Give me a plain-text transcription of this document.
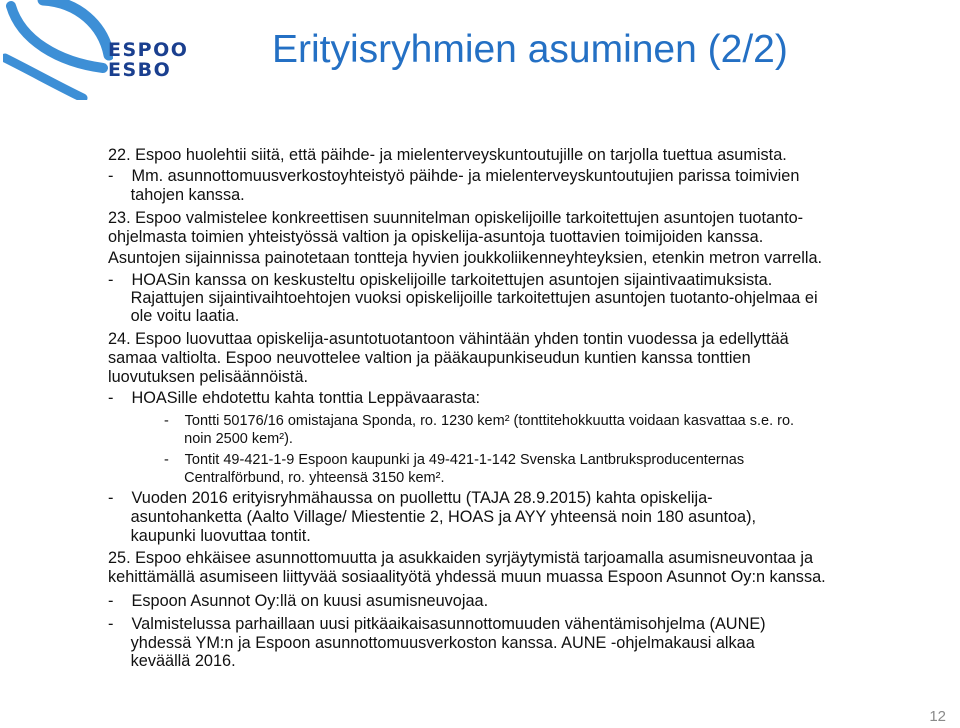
ESPOO
ESBO	Erityisryhmien asuminen (2/2)
22. Espoo huolehtii siitä, että päihde- ja mielenterveyskuntoutujille on tarjolla tuettua asumista.
-    Mm. asunnottomuusverkostoyhteistyö päihde- ja mielenterveyskuntoutujien parissa toimivien
tahojen kanssa.
23. Espoo valmistelee konkreettisen suunnitelman opiskelijoille tarkoitettujen asuntojen tuotanto-
ohjelmasta toimien yhteistyössä valtion ja opiskelija-asuntoja tuottavien toimijoiden kanssa.
Asuntojen sijainnissa painotetaan tontteja hyvien joukkoliikenneyhteyksien, etenkin metron varrella.
-    HOASin kanssa on keskusteltu opiskelijoille tarkoitettujen asuntojen sijaintivaatimuksista.
Rajattujen sijaintivaihtoehtojen vuoksi opiskelijoille tarkoitettujen asuntojen tuotanto-ohjelmaa ei
ole voitu laatia.
24. Espoo luovuttaa opiskelija-asuntotuotantoon vähintään yhden tontin vuodessa ja edellyttää
samaa valtiolta. Espoo neuvottelee valtion ja pääkaupunkiseudun kuntien kanssa tonttien
luovutuksen pelisäännöistä.
-    HOASille ehdotettu kahta tonttia Leppävaarasta:
-    Tontti 50176/16 omistajana Sponda, ro. 1230 kem² (tonttitehokkuutta voidaan kasvattaa s.e. ro.
noin 2500 kem²).
-    Tontit 49-421-1-9 Espoon kaupunki ja 49-421-1-142 Svenska Lantbruksproducenternas
Centralförbund, ro. yhteensä 3150 kem².
-    Vuoden 2016 erityisryhmähaussa on puollettu (TAJA 28.9.2015) kahta opiskelija-
asuntohanketta (Aalto Village/ Miestentie 2, HOAS ja AYY yhteensä noin 180 asuntoa),
kaupunki luovuttaa tontit.
25. Espoo ehkäisee asunnottomuutta ja asukkaiden syrjäytymistä tarjoamalla asumisneuvontaa ja
kehittämällä asumiseen liittyvää sosiaalityötä yhdessä muun muassa Espoon Asunnot Oy:n kanssa.
-    Espoon Asunnot Oy:llä on kuusi asumisneuvojaa.
-    Valmistelussa parhaillaan uusi pitkäaikaisasunnottomuuden vähentämisohjelma (AUNE)
yhdessä YM:n ja Espoon asunnottomuusverkoston kanssa. AUNE -ohjelmakausi alkaa
keväällä 2016.
12
